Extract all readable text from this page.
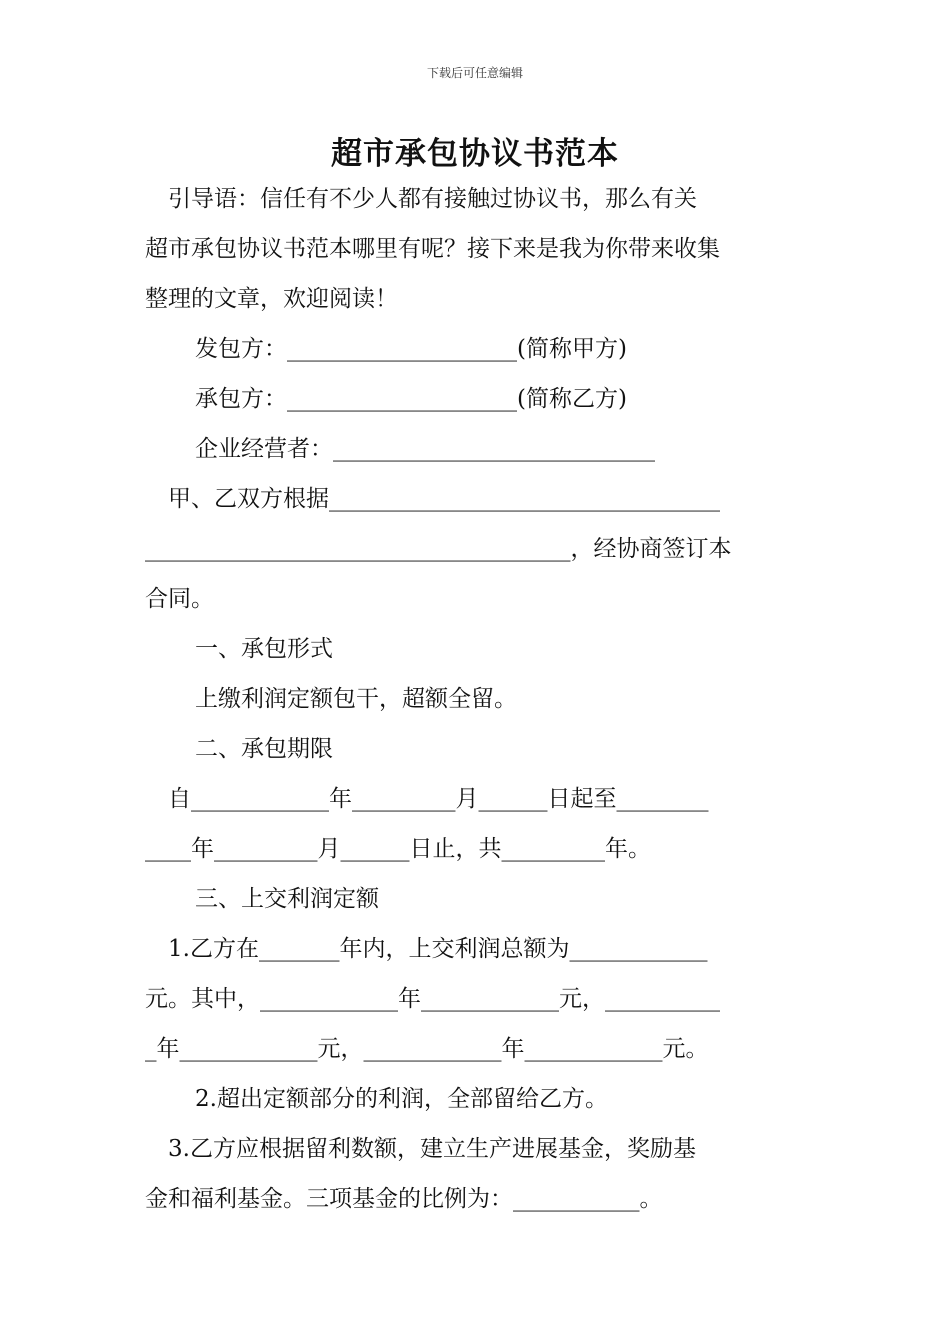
下载后可任意编辑
超市承包协议书范本
　引导语：信任有不少人都有接触过协议书，那么有关
超市承包协议书范本哪里有呢？接下来是我为你带来收集
整理的文章，欢迎阅读！
发包方：____________________(简称甲方)
承包方：____________________(简称乙方)
企业经营者：____________________________
　甲、乙双方根据__________________________________
_____________________________________，经协商签订本
合同。
一、承包形式
上缴利润定额包干，超额全留。
二、承包期限
　自____________年_________月______日起至________
____年_________月______日止，共_________年。
三、上交利润定额
　1.乙方在_______年内，上交利润总额为____________
元。其中，____________年____________元，__________
_年____________元，____________年____________元。
2.超出定额部分的利润，全部留给乙方。
　3.乙方应根据留利数额，建立生产进展基金，奖励基
金和福利基金。三项基金的比例为：___________。
